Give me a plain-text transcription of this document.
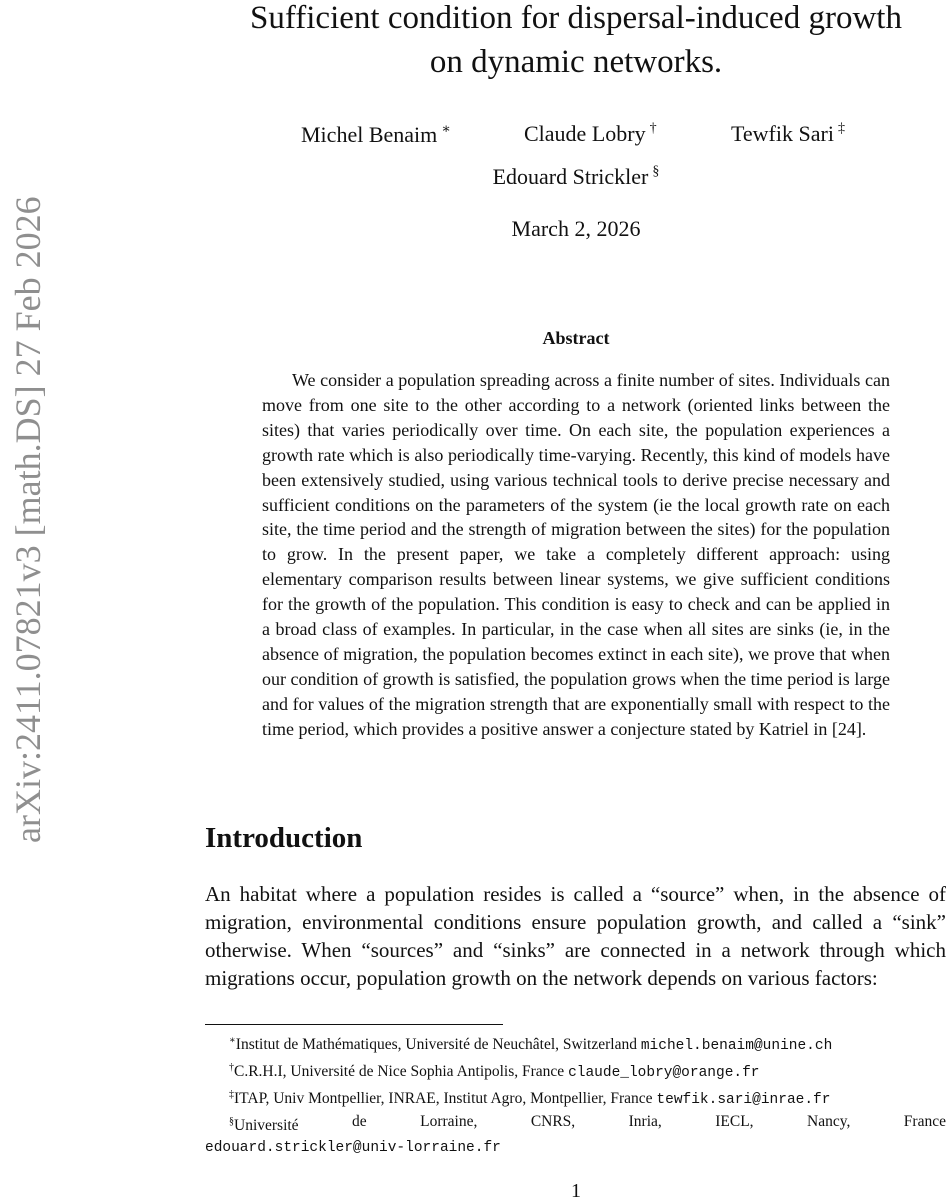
arXiv:2411.07821v3 [math.DS] 27 Feb 2026
Sufficient condition for dispersal-induced growth
on dynamic networks.
Michel Benaim ∗	Claude Lobry †	Tewfik Sari ‡
Edouard Strickler §
March 2, 2026
Abstract

We consider a population spreading across a finite number of sites. Individuals can move from one site to the other according to a network (oriented links between the sites) that varies periodically over time. On each site, the population experiences a growth rate which is also periodically time-varying. Recently, this kind of models have been extensively studied, using various technical tools to derive precise necessary and sufficient conditions on the parameters of the system (ie the local growth rate on each site, the time period and the strength of migration between the sites) for the population to grow. In the present paper, we take a completely different approach: using elementary comparison results between linear systems, we give sufficient conditions for the growth of the population. This condition is easy to check and can be applied in a broad class of examples. In particular, in the case when all sites are sinks (ie, in the absence of migration, the population becomes extinct in each site), we prove that when our condition of growth is satisfied, the population grows when the time period is large and for values of the migration strength that are exponentially small with respect to the time period, which provides a positive answer a conjecture stated by Katriel in [24].

Introduction

An habitat where a population resides is called a “source” when, in the absence of migration, environmental conditions ensure population growth, and called a “sink” otherwise. When “sources” and “sinks” are connected in a network through which migrations occur, population growth on the network depends on various factors:

∗Institut de Mathématiques, Université de Neuchâtel, Switzerland michel.benaim@unine.ch

†C.R.H.I, Université de Nice Sophia Antipolis, France claude_lobry@orange.fr

‡ITAP, Univ Montpellier, INRAE, Institut Agro, Montpellier, France tewfik.sari@inrae.fr

§Université	de	Lorraine,	CNRS,	Inria,	IECL,	Nancy,	France

edouard.strickler@univ-lorraine.fr

1
